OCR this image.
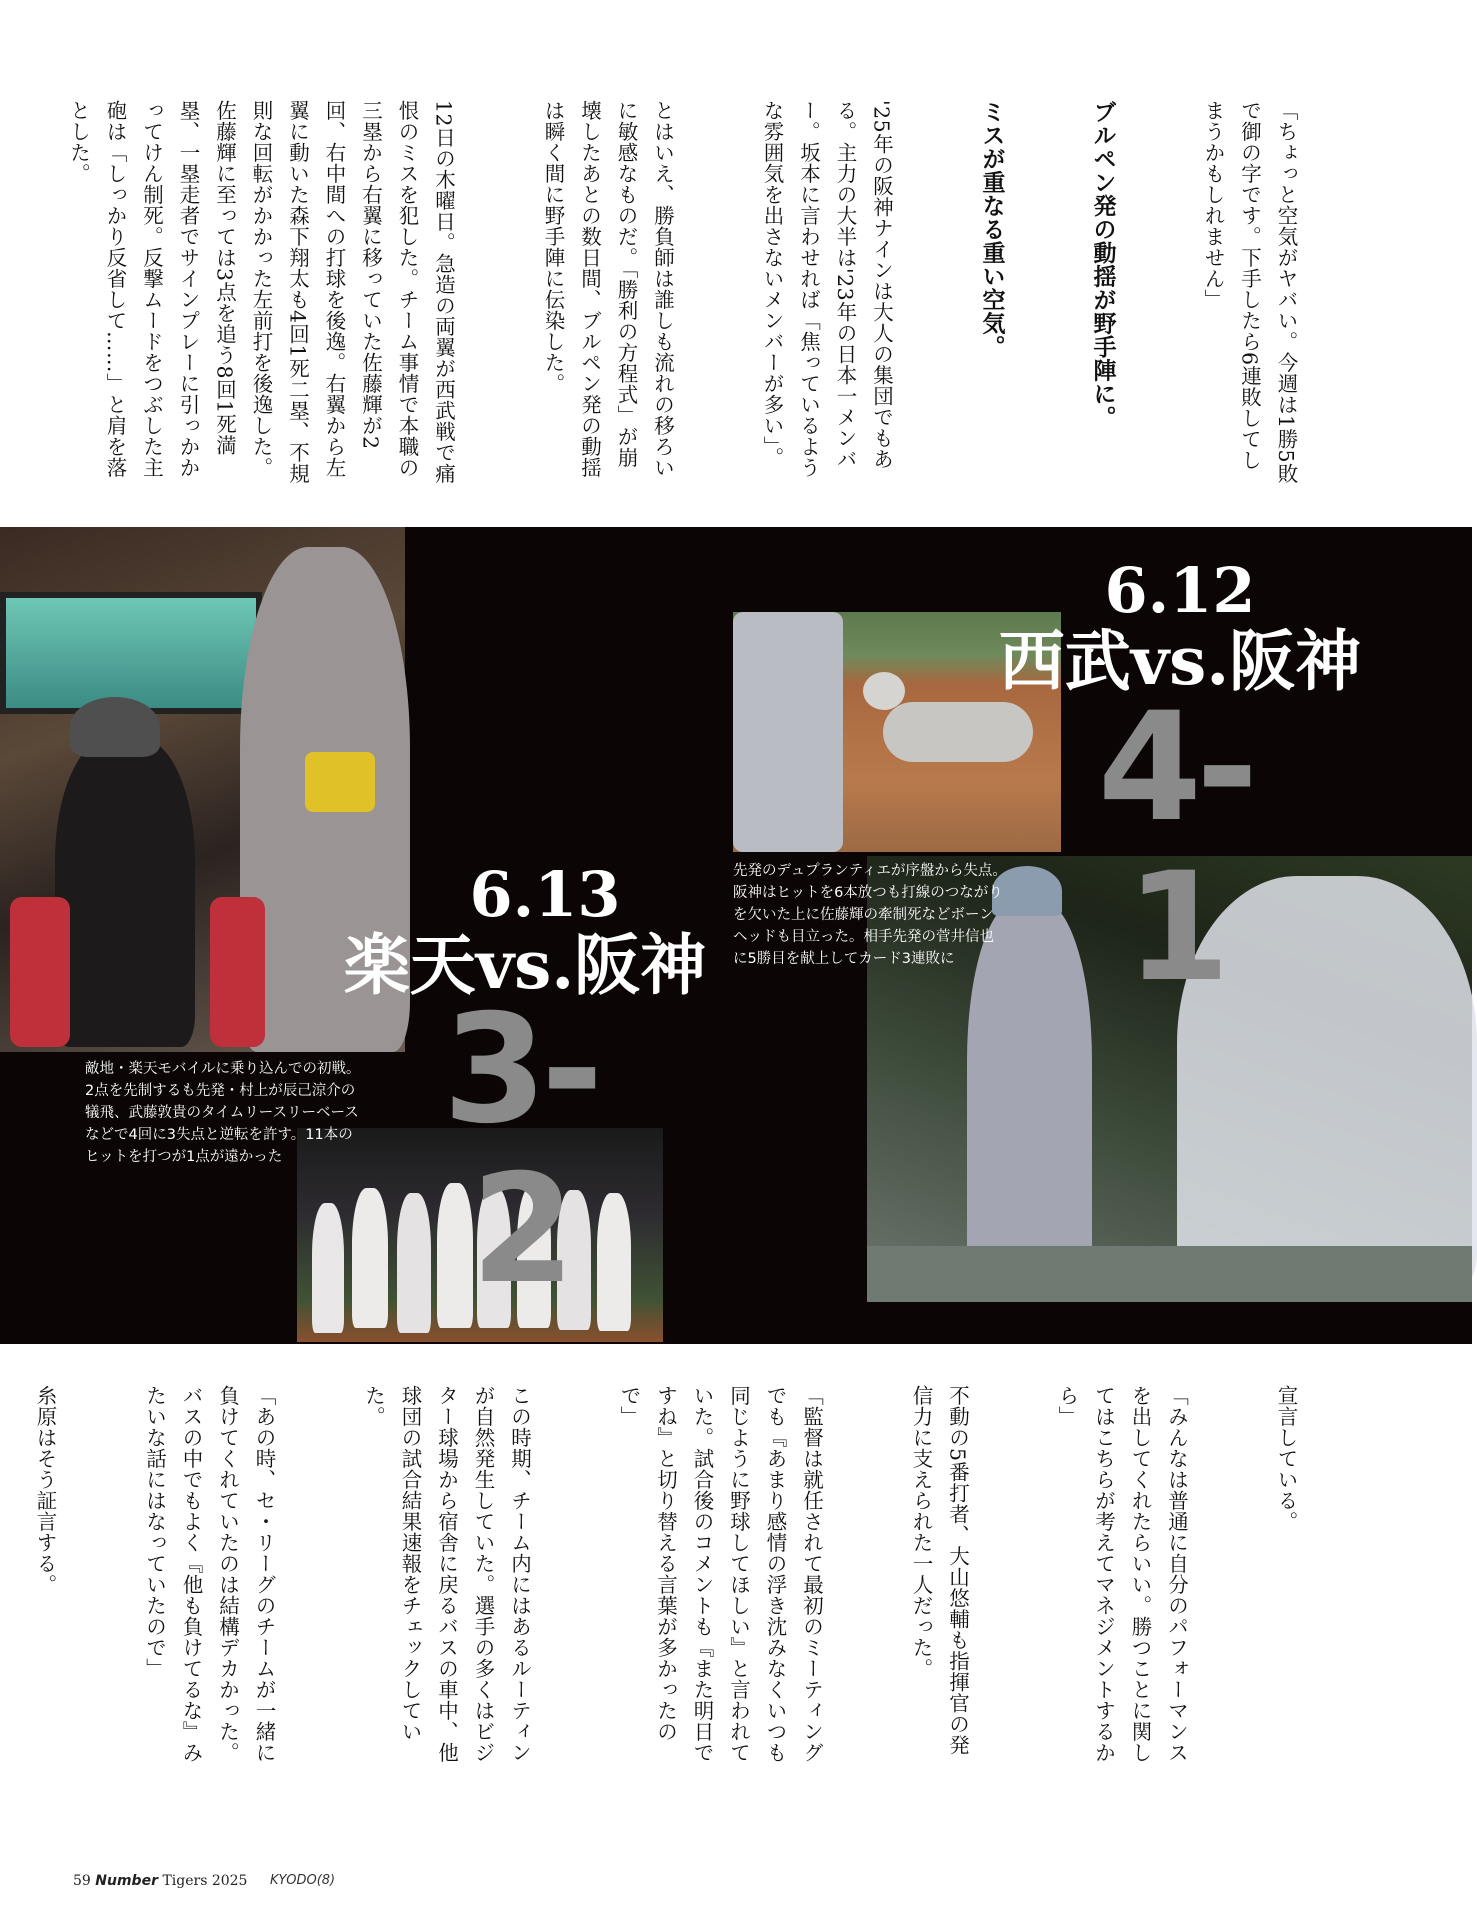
「ちょっと空気がヤバい。今週は1勝5敗で御の字です。下手したら6連敗してしまうかもしれません」

ブルペン発の動揺が野手陣に。

ミスが重なる重い空気。

'25年の阪神ナインは大人の集団でもある。主力の大半は'23年の日本一メンバー。坂本に言わせれば「焦っているような雰囲気を出さないメンバーが多い」。

とはいえ、勝負師は誰しも流れの移ろいに敏感なものだ。「勝利の方程式」が崩壊したあとの数日間、ブルペン発の動揺は瞬く間に野手陣に伝染した。

12日の木曜日。急造の両翼が西武戦で痛恨のミスを犯した。チーム事情で本職の三塁から右翼に移っていた佐藤輝が2回、右中間への打球を後逸。右翼から左翼に動いた森下翔太も4回1死二塁、不規則な回転がかかった左前打を後逸した。佐藤輝に至っては3点を追う8回1死満塁、一塁走者でサインプレーに引っかかってけん制死。反撃ムードをつぶした主砲は「しっかり反省して……」と肩を落とした。

6.12
西武vs.阪神
4-1
先発のデュプランティエが序盤から失点。阪神はヒットを6本放つも打線のつながりを欠いた上に佐藤輝の牽制死などボーンヘッドも目立った。相手先発の菅井信也に5勝目を献上してカード3連敗に
6.13
楽天vs.阪神
3-2
敵地・楽天モバイルに乗り込んでの初戦。2点を先制するも先発・村上が辰己涼介の犠飛、武藤敦貴のタイムリースリーベースなどで4回に3失点と逆転を許す。11本のヒットを打つが1点が遠かった

宣言している。

「みんなは普通に自分のパフォーマンスを出してくれたらいい。勝つことに関してはこちらが考えてマネジメントするから」

不動の5番打者、大山悠輔も指揮官の発信力に支えられた一人だった。

「監督は就任されて最初のミーティングでも『あまり感情の浮き沈みなくいつも同じように野球してほしい』と言われていた。試合後のコメントも『また明日ですね』と切り替える言葉が多かったので」

この時期、チーム内にはあるルーティンが自然発生していた。選手の多くはビジター球場から宿舎に戻るバスの車中、他球団の試合結果速報をチェックしていた。

「あの時、セ・リーグのチームが一緒に負けてくれていたのは結構デカかった。バスの中でもよく『他も負けてるな』みたいな話にはなっていたので」

糸原はそう証言する。

59 Number Tigers 2025 KYODO(8)
